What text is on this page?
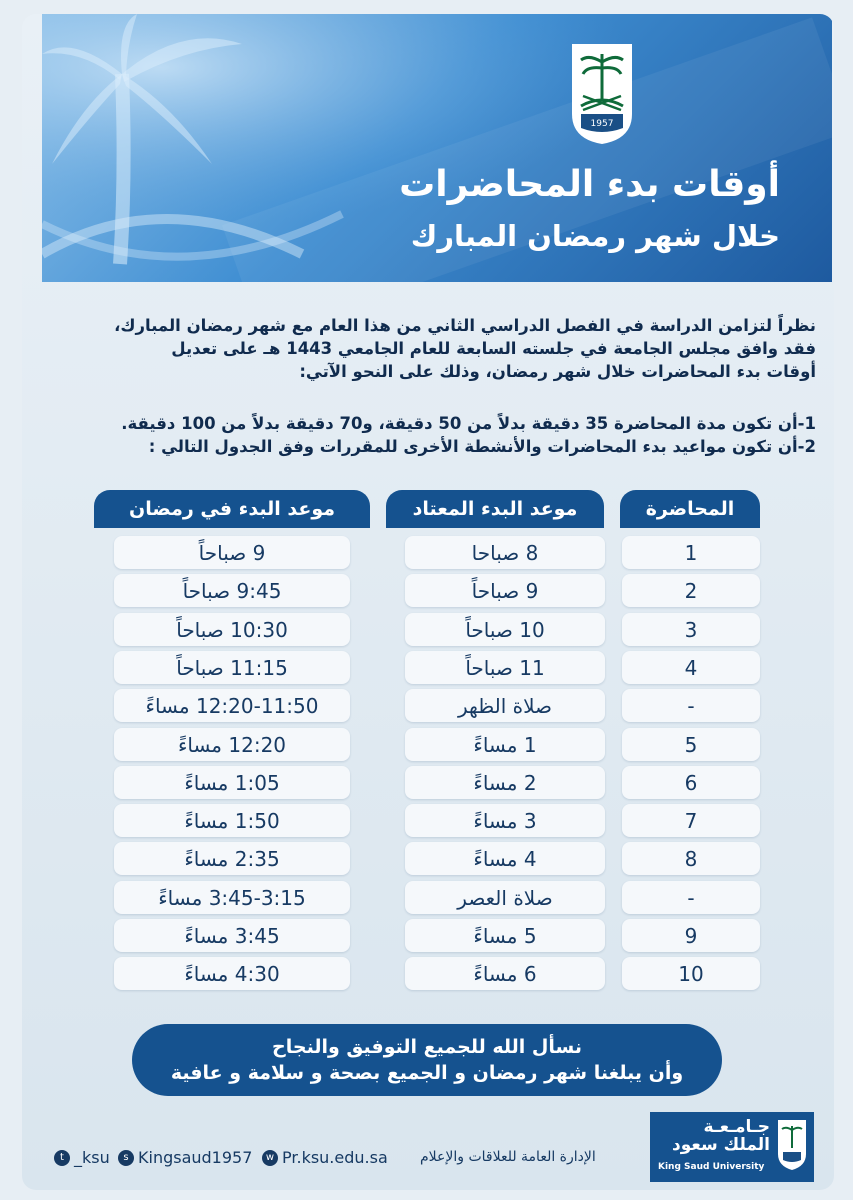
1957
أوقات بدء المحاضرات
خلال شهر رمضان المبارك

نظراً لتزامن الدراسة في الفصل الدراسي الثاني من هذا العام مع شهر رمضان المبارك،

فقد وافق مجلس الجامعة في جلسته السابعة للعام الجامعي 1443 هـ على تعديل

أوقات بدء المحاضرات خلال شهر رمضان، وذلك على النحو الآتي:

1-أن تكون مدة المحاضرة 35 دقيقة بدلاً من 50 دقيقة، و70 دقيقة بدلاً من 100 دقيقة.

2-أن تكون مواعيد بدء المحاضرات والأنشطة الأخرى للمقررات وفق الجدول التالي :

المحاضرة
موعد البدء المعتاد
موعد البدء في رمضان
1
8 صباحا
9 صباحاً
2
9 صباحاً
9:45 صباحاً
3
10 صباحاً
10:30 صباحاً
4
11 صباحاً
11:15 صباحاً
-
صلاة الظهر
12:20-11:50 مساءً
5
1 مساءً
12:20 مساءً
6
2 مساءً
1:05 مساءً
7
3 مساءً
1:50 مساءً
8
4 مساءً
2:35 مساءً
-
صلاة العصر
3:45-3:15 مساءً
9
5 مساءً
3:45 مساءً
10
6 مساءً
4:30 مساءً
نسأل الله للجميع التوفيق والنجاح
وأن يبلغنا شهر رمضان و الجميع بصحة و سلامة و عافية
t _ksu	s Kingsaud1957	w Pr.ksu.edu.sa الإدارة العامة للعلاقات والإعلام
جـامـعـة
الملك سعود
King Saud University
